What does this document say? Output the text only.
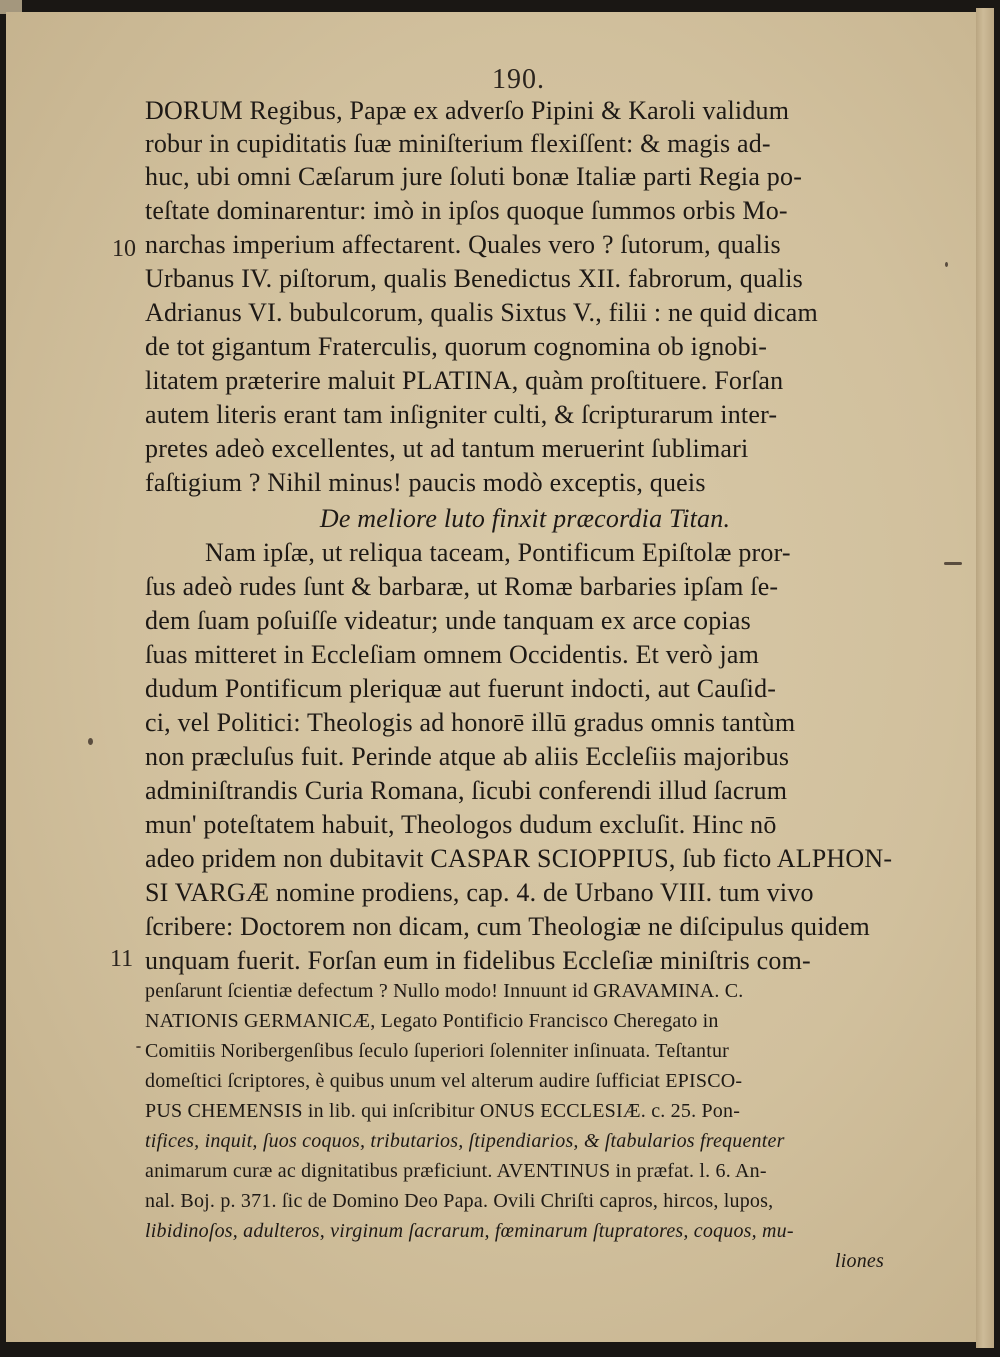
190.
10
11
DORUM Regibus, Papæ ex adverſo Pipini & Karoli validum
robur in cupiditatis ſuæ miniſterium flexiſſent: & magis ad-
huc, ubi omni Cæſarum jure ſoluti bonæ Italiæ parti Regia po-
teſtate dominarentur: imò in ipſos quoque ſummos orbis Mo-
narchas imperium affectarent. Quales vero ? ſutorum, qualis
Urbanus IV. piſtorum, qualis Benedictus XII. fabrorum, qualis
Adrianus VI. bubulcorum, qualis Sixtus V., filii : ne quid dicam
de tot gigantum Fraterculis, quorum cognomina ob ignobi-
litatem præterire maluit PLATINA, quàm proſtituere. Forſan
autem literis erant tam inſigniter culti, & ſcripturarum inter-
pretes adeò excellentes, ut ad tantum meruerint ſublimari
faſtigium ? Nihil minus! paucis modò exceptis, queis
De meliore luto finxit præcordia Titan.
Nam ipſæ, ut reliqua taceam, Pontificum Epiſtolæ pror-
ſus adeò rudes ſunt & barbaræ, ut Romæ barbaries ipſam ſe-
dem ſuam poſuiſſe videatur; unde tanquam ex arce copias
ſuas mitteret in Eccleſiam omnem Occidentis. Et verò jam
dudum Pontificum pleriquæ aut fuerunt indocti, aut Cauſid-
ci, vel Politici: Theologis ad honorē illū gradus omnis tantùm
non præcluſus fuit. Perinde atque ab aliis Eccleſiis majoribus
adminiſtrandis Curia Romana, ſicubi conferendi illud ſacrum
mun' poteſtatem habuit, Theologos dudum excluſit. Hinc nō
adeo pridem non dubitavit CASPAR SCIOPPIUS, ſub ficto ALPHON-
SI VARGÆ nomine prodiens, cap. 4. de Urbano VIII. tum vivo
ſcribere: Doctorem non dicam, cum Theologiæ ne diſcipulus quidem
unquam fuerit. Forſan eum in fidelibus Eccleſiæ miniſtris com-
penſarunt ſcientiæ defectum ? Nullo modo! Innuunt id GRAVAMINA. C.
NATIONIS GERMANICÆ, Legato Pontificio Francisco Cheregato in
Comitiis Noribergenſibus ſeculo ſuperiori ſolenniter inſinuata. Teſtantur
domeſtici ſcriptores, è quibus unum vel alterum audire ſufficiat EPISCO-
PUS CHEMENSIS in lib. qui inſcribitur ONUS ECCLESIÆ. c. 25. Pon-
tifices, inquit, ſuos coquos, tributarios, ſtipendiarios, & ſtabularios frequenter
animarum curæ ac dignitatibus præficiunt. AVENTINUS in præfat. l. 6. An-
nal. Boj. p. 371. ſic de Domino Deo Papa. Ovili Chriſti capros, hircos, lupos,
libidinoſos, adulteros, virginum ſacrarum, fœminarum ſtupratores, coquos, mu-
liones
